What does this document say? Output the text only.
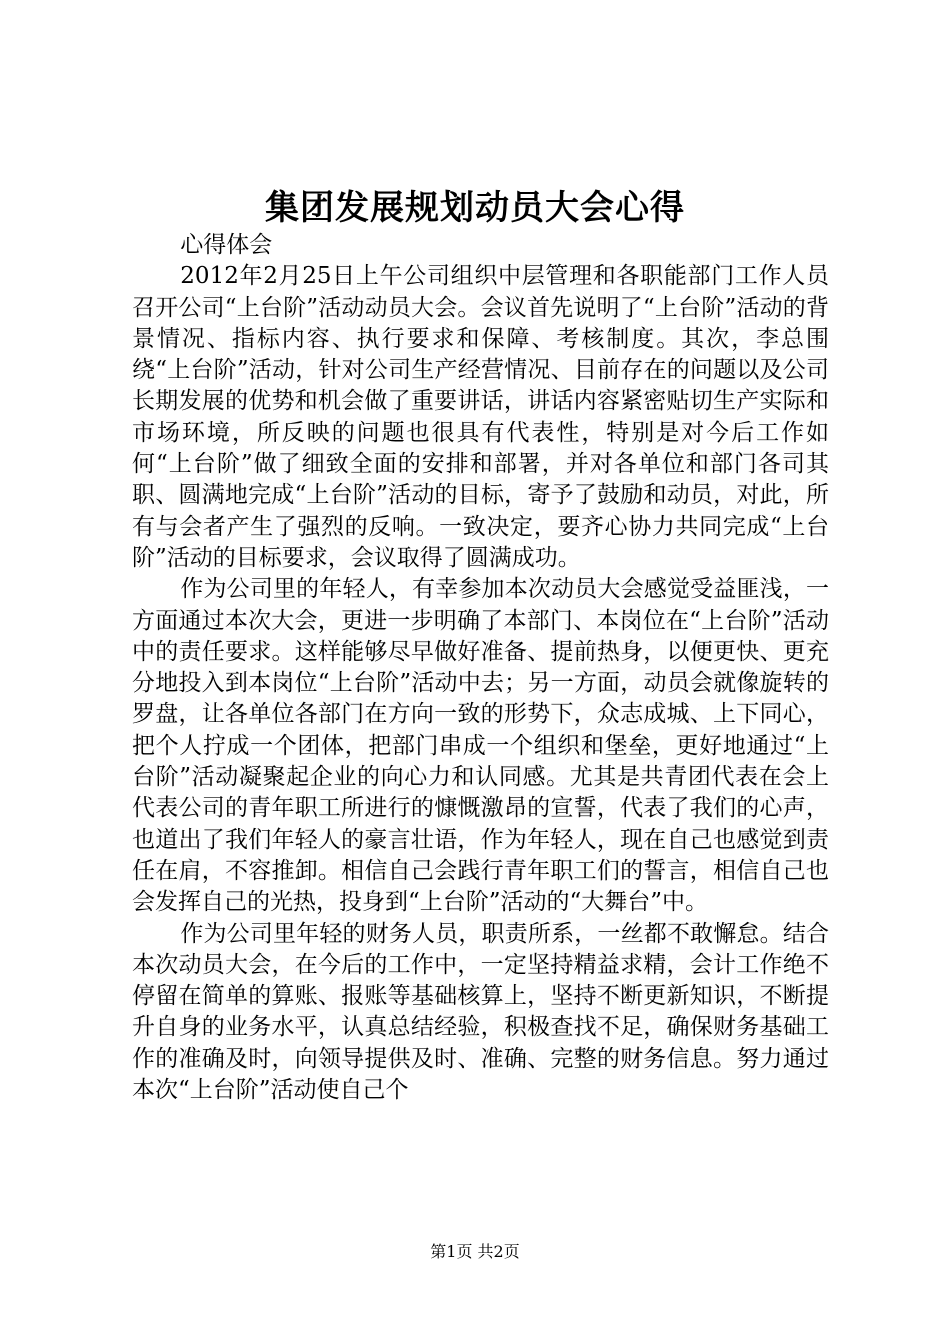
集团发展规划动员大会心得

心得体会

2012年2月25日上午公司组织中层管理和各职能部门工作人员召开公司“上台阶”活动动员大会。会议首先说明了“上台阶”活动的背景情况、指标内容、执行要求和保障、考核制度。其次，李总围绕“上台阶”活动，针对公司生产经营情况、目前存在的问题以及公司长期发展的优势和机会做了重要讲话，讲话内容紧密贴切生产实际和市场环境，所反映的问题也很具有代表性，特别是对今后工作如何“上台阶”做了细致全面的安排和部署，并对各单位和部门各司其职、圆满地完成“上台阶”活动的目标，寄予了鼓励和动员，对此，所有与会者产生了强烈的反响。一致决定，要齐心协力共同完成“上台阶”活动的目标要求，会议取得了圆满成功。

作为公司里的年轻人，有幸参加本次动员大会感觉受益匪浅，一方面通过本次大会，更进一步明确了本部门、本岗位在“上台阶”活动中的责任要求。这样能够尽早做好准备、提前热身，以便更快、更充分地投入到本岗位“上台阶”活动中去；另一方面，动员会就像旋转的罗盘，让各单位各部门在方向一致的形势下，众志成城、上下同心，把个人拧成一个团体，把部门串成一个组织和堡垒，更好地通过“上台阶”活动凝聚起企业的向心力和认同感。尤其是共青团代表在会上代表公司的青年职工所进行的慷慨激昂的宣誓，代表了我们的心声，也道出了我们年轻人的豪言壮语，作为年轻人，现在自己也感觉到责任在肩，不容推卸。相信自己会践行青年职工们的誓言，相信自己也会发挥自己的光热，投身到“上台阶”活动的“大舞台”中。

作为公司里年轻的财务人员，职责所系，一丝都不敢懈怠。结合本次动员大会，在今后的工作中，一定坚持精益求精，会计工作绝不停留在简单的算账、报账等基础核算上，坚持不断更新知识，不断提升自身的业务水平，认真总结经验，积极查找不足，确保财务基础工作的准确及时，向领导提供及时、准确、完整的财务信息。努力通过本次“上台阶”活动使自己个

第1页 共2页
